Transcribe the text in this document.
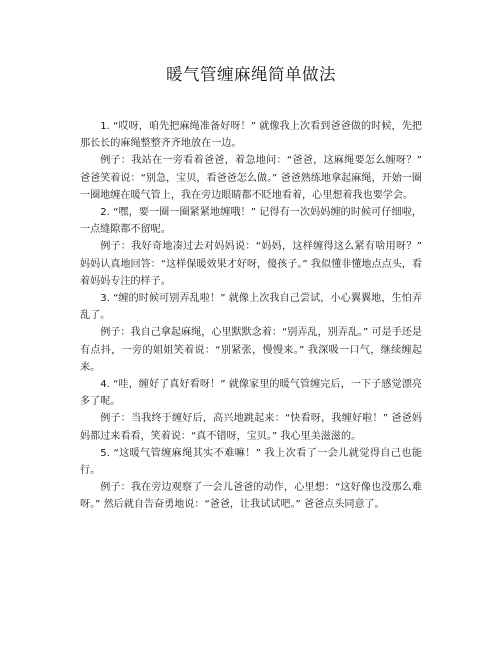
暖气管缠麻绳简单做法

1. “哎呀，咱先把麻绳准备好呀！” 就像我上次看到爸爸做的时候，先把那长长的麻绳整整齐齐地放在一边。

例子：我站在一旁看着爸爸，着急地问：“爸爸，这麻绳要怎么缠呀？” 爸爸笑着说：“别急，宝贝，看爸爸怎么做。” 爸爸熟练地拿起麻绳，开始一圈一圈地缠在暖气管上，我在旁边眼睛都不眨地看着，心里想着我也要学会。

2. “嘿，要一圈一圈紧紧地缠哦！” 记得有一次妈妈缠的时候可仔细啦，一点缝隙都不留呢。

例子：我好奇地凑过去对妈妈说：“妈妈，这样缠得这么紧有啥用呀？” 妈妈认真地回答：“这样保暖效果才好呀，傻孩子。” 我似懂非懂地点点头，看着妈妈专注的样子。

3. “缠的时候可别弄乱啦！” 就像上次我自己尝试，小心翼翼地，生怕弄乱了。

例子：我自己拿起麻绳，心里默默念着：“别弄乱，别弄乱。” 可是手还是有点抖，一旁的姐姐笑着说：“别紧张，慢慢来。” 我深吸一口气，继续缠起来。

4. “哇，缠好了真好看呀！” 就像家里的暖气管缠完后，一下子感觉漂亮多了呢。

例子：当我终于缠好后，高兴地跳起来：“快看呀，我缠好啦！” 爸爸妈妈都过来看看，笑着说：“真不错呀，宝贝。” 我心里美滋滋的。

5. “这暖气管缠麻绳其实不难嘛！” 我上次看了一会儿就觉得自己也能行。

例子：我在旁边观察了一会儿爸爸的动作，心里想：“这好像也没那么难呀。” 然后就自告奋勇地说：“爸爸，让我试试吧。” 爸爸点头同意了。
